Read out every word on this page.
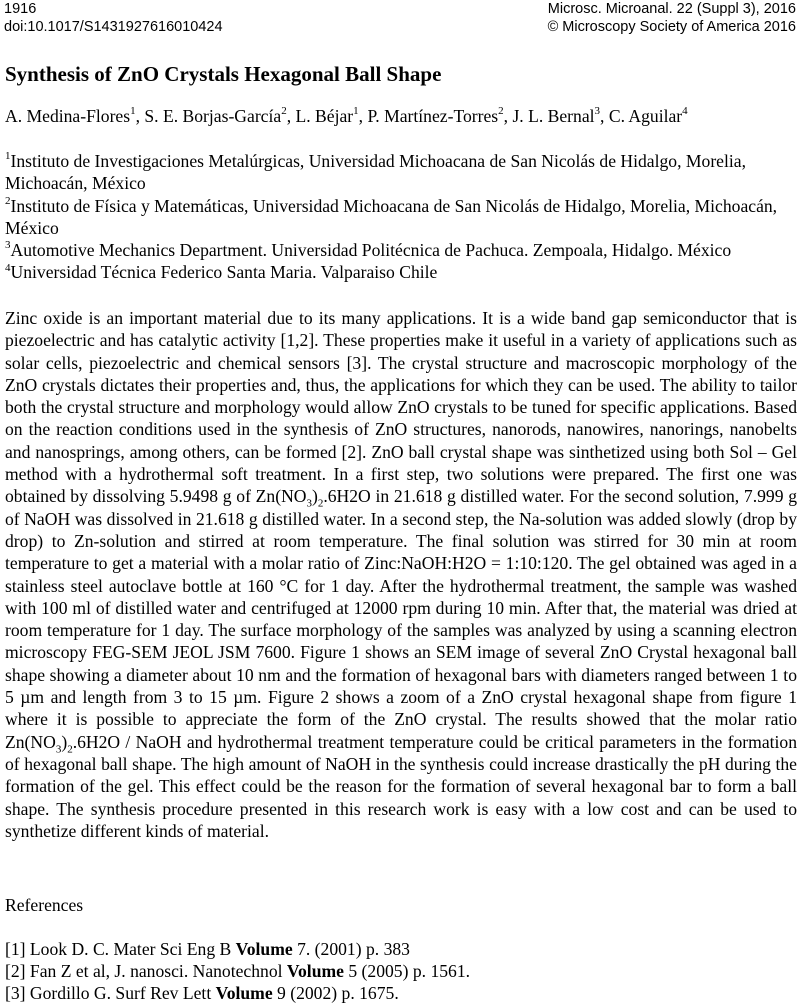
1916
doi:10.1017/S1431927616010424
Microsc. Microanal. 22 (Suppl 3), 2016
© Microscopy Society of America 2016
Synthesis of ZnO Crystals Hexagonal Ball Shape
A. Medina-Flores$^1$, S. E. Borjas-García$^2$, L. Béjar$^1$, P. Martínez-Torres$^2$, J. L. Bernal$^3$, C. Aguilar$^4$
$^1$Instituto de Investigaciones Metalúrgicas, Universidad Michoacana de San Nicolás de Hidalgo, Morelia, Michoacán, México
$^2$Instituto de Física y Matemáticas, Universidad Michoacana de San Nicolás de Hidalgo, Morelia, Michoacán, México
$^3$Automotive Mechanics Department. Universidad Politécnica de Pachuca. Zempoala, Hidalgo. México
$^4$Universidad Técnica Federico Santa Maria. Valparaiso Chile

Zinc oxide is an important material due to its many applications. It is a wide band gap semiconductor that is piezoelectric and has catalytic activity [1,2]. These properties make it useful in a variety of applications such as solar cells, piezoelectric and chemical sensors [3]. The crystal structure and macroscopic morphology of the ZnO crystals dictates their properties and, thus, the applications for which they can be used. The ability to tailor both the crystal structure and morphology would allow ZnO crystals to be tuned for specific applications. Based on the reaction conditions used in the synthesis of ZnO structures, nanorods, nanowires, nanorings, nanobelts and nanosprings, among others, can be formed [2]. ZnO ball crystal shape was sinthetized using both Sol – Gel method with a hydrothermal soft treatment. In a first step, two solutions were prepared. The first one was obtained by dissolving 5.9498 g of $Zn(NO_3)_2.6H2O$ in 21.618 g distilled water. For the second solution, 7.999 g of NaOH was dissolved in 21.618 g distilled water. In a second step, the Na-solution was added slowly (drop by drop) to Zn-solution and stirred at room temperature. The final solution was stirred for 30 min at room temperature to get a material with a molar ratio of Zinc:NaOH:H2O = 1:10:120. The gel obtained was aged in a stainless steel autoclave bottle at 160 °C for 1 day. After the hydrothermal treatment, the sample was washed with 100 ml of distilled water and centrifuged at 12000 rpm during 10 min. After that, the material was dried at room temperature for 1 day. The surface morphology of the samples was analyzed by using a scanning electron microscopy FEG-SEM JEOL JSM 7600. Figure 1 shows an SEM image of several ZnO Crystal hexagonal ball shape showing a diameter about 10 nm and the formation of hexagonal bars with diameters ranged between 1 to 5 µm and length from 3 to 15 µm. Figure 2 shows a zoom of a ZnO crystal hexagonal shape from figure 1 where it is possible to appreciate the form of the ZnO crystal. The results showed that the molar ratio $Zn(NO_3)_2.6H2O$ / NaOH and hydrothermal treatment temperature could be critical parameters in the formation of hexagonal ball shape. The high amount of NaOH in the synthesis could increase drastically the pH during the formation of the gel. This effect could be the reason for the formation of several hexagonal bar to form a ball shape. The synthesis procedure presented in this research work is easy with a low cost and can be used to synthetize different kinds of material.

References
[1] Look D. C. Mater Sci Eng B Volume 7. (2001) p. 383
[2] Fan Z et al, J. nanosci. Nanotechnol Volume 5 (2005) p. 1561.
[3] Gordillo G. Surf Rev Lett Volume 9 (2002) p. 1675.
